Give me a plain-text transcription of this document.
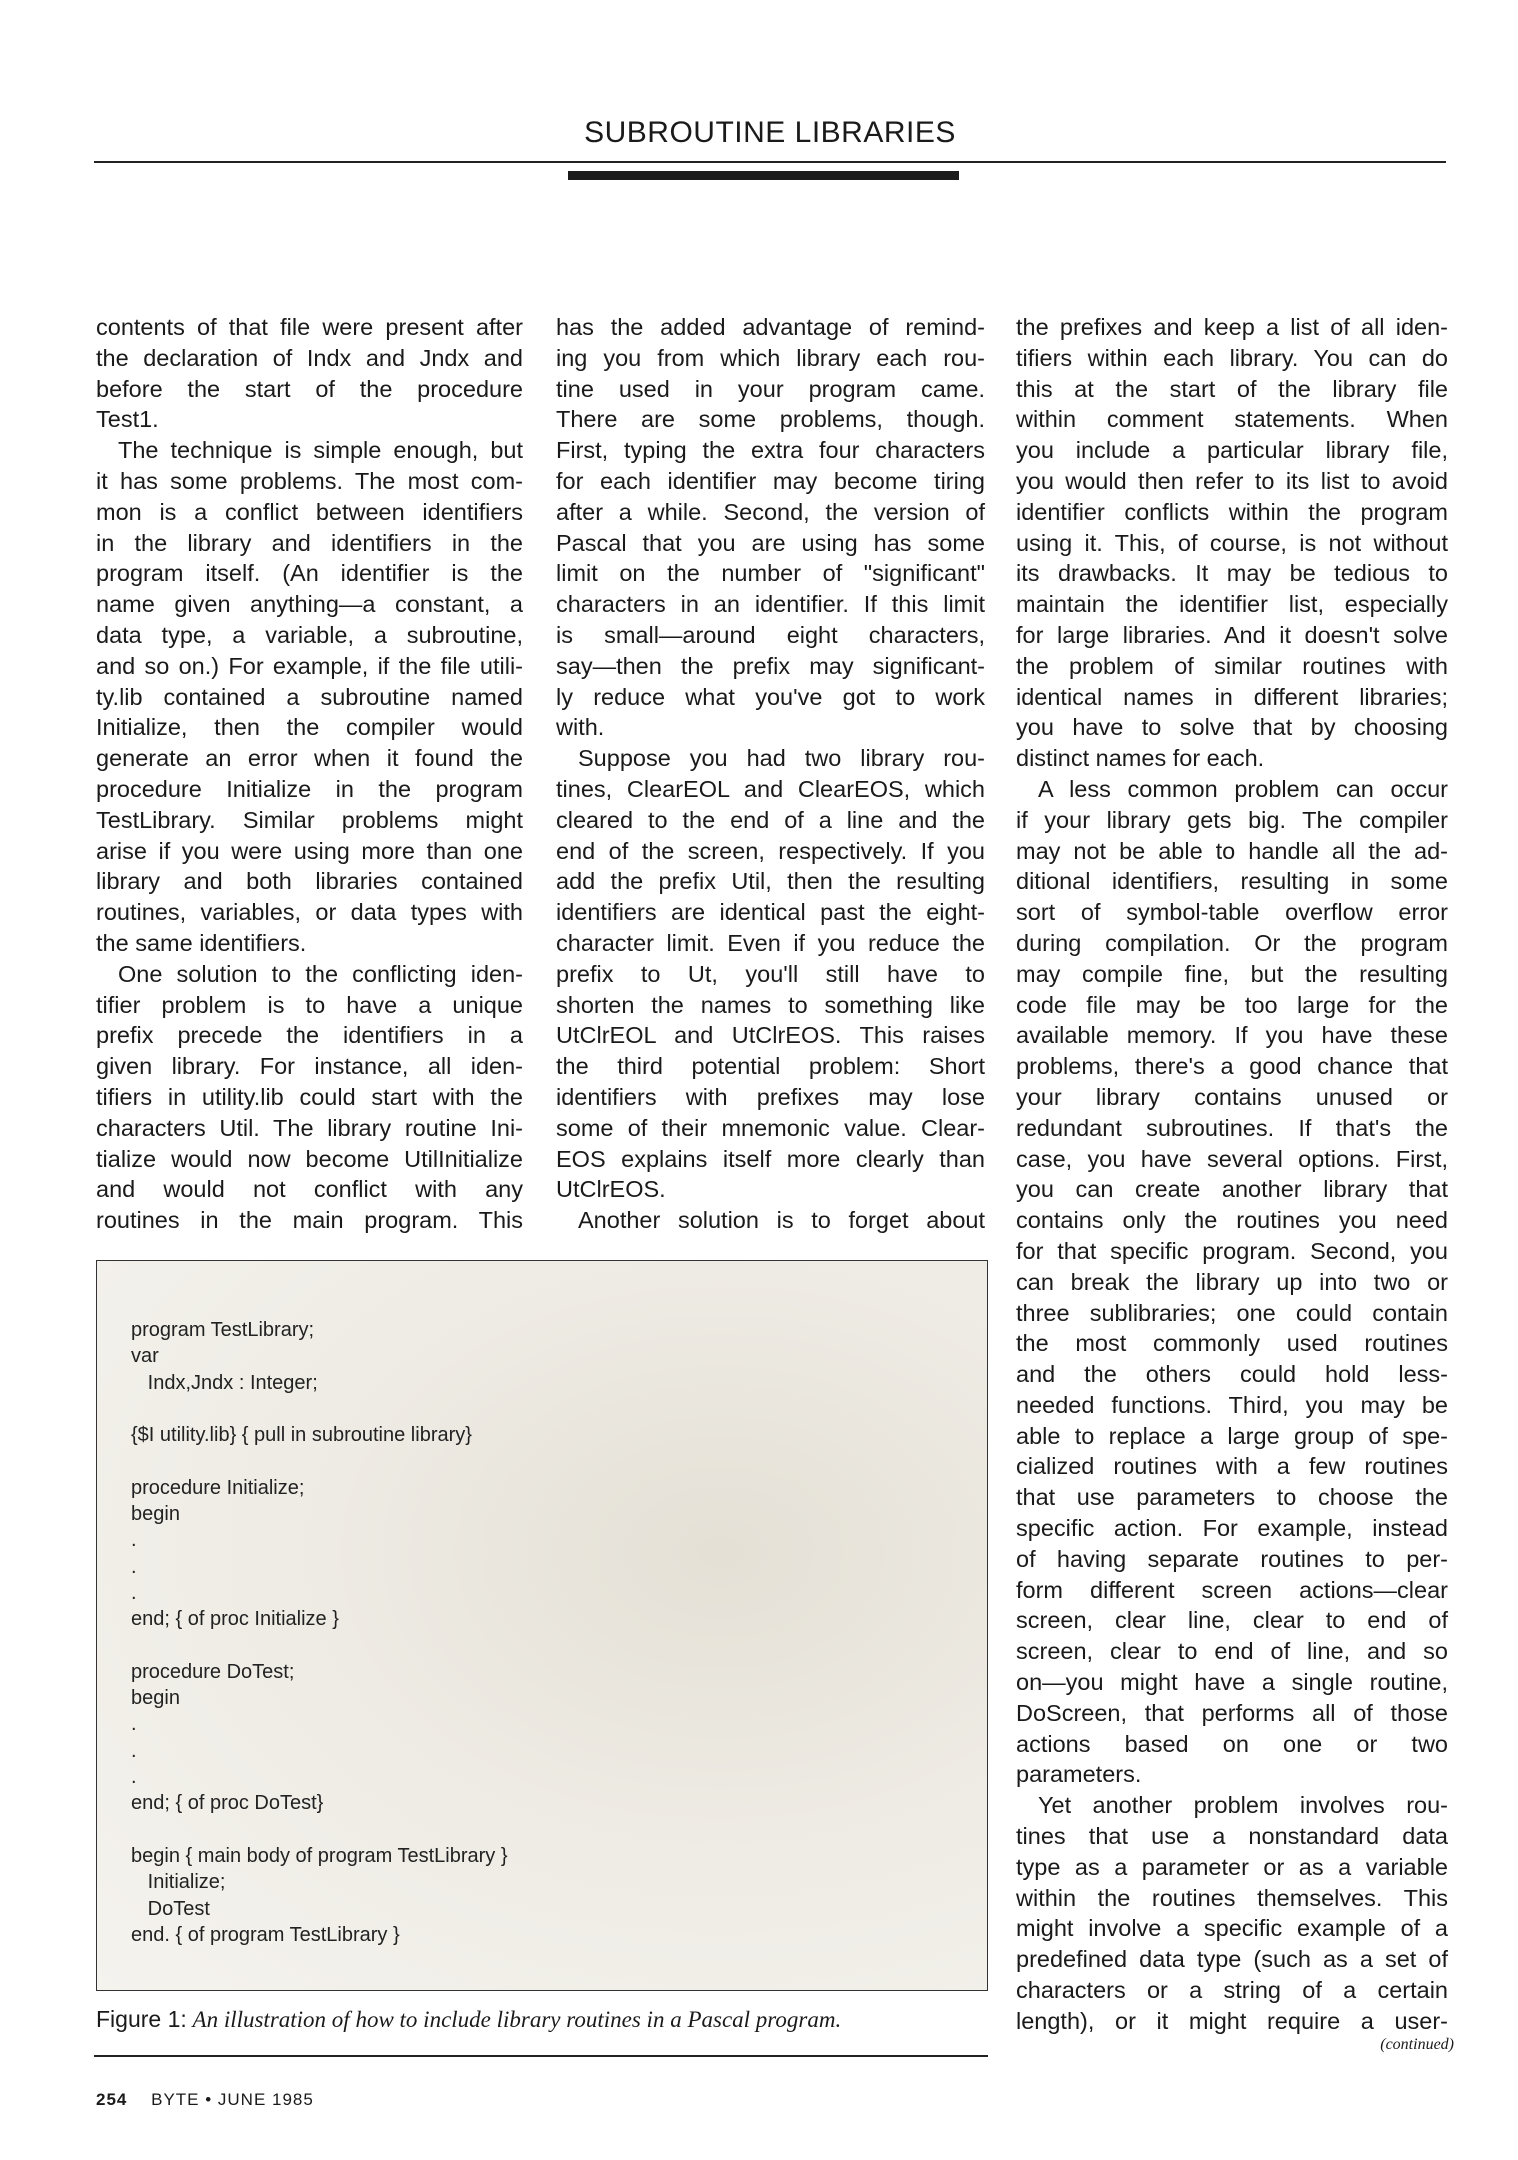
SUBROUTINE LIBRARIES
contents of that file were present after
the declaration of Indx and Jndx and
before the start of the procedure
Test1.
The technique is simple enough, but
it has some problems. The most com-
mon is a conflict between identifiers
in the library and identifiers in the
program itself. (An identifier is the
name given anything—a constant, a
data type, a variable, a subroutine,
and so on.) For example, if the file utili-
ty.lib contained a subroutine named
Initialize, then the compiler would
generate an error when it found the
procedure Initialize in the program
TestLibrary. Similar problems might
arise if you were using more than one
library and both libraries contained
routines, variables, or data types with
the same identifiers.
One solution to the conflicting iden-
tifier problem is to have a unique
prefix precede the identifiers in a
given library. For instance, all iden-
tifiers in utility.lib could start with the
characters Util. The library routine Ini-
tialize would now become UtilInitialize
and would not conflict with any
routines in the main program. This
has the added advantage of remind-
ing you from which library each rou-
tine used in your program came.
There are some problems, though.
First, typing the extra four characters
for each identifier may become tiring
after a while. Second, the version of
Pascal that you are using has some
limit on the number of "significant"
characters in an identifier. If this limit
is small—around eight characters,
say—then the prefix may significant-
ly reduce what you've got to work
with.
Suppose you had two library rou-
tines, ClearEOL and ClearEOS, which
cleared to the end of a line and the
end of the screen, respectively. If you
add the prefix Util, then the resulting
identifiers are identical past the eight-
character limit. Even if you reduce the
prefix to Ut, you'll still have to
shorten the names to something like
UtClrEOL and UtClrEOS. This raises
the third potential problem: Short
identifiers with prefixes may lose
some of their mnemonic value. Clear-
EOS explains itself more clearly than
UtClrEOS.
Another solution is to forget about
the prefixes and keep a list of all iden-
tifiers within each library. You can do
this at the start of the library file
within comment statements. When
you include a particular library file,
you would then refer to its list to avoid
identifier conflicts within the program
using it. This, of course, is not without
its drawbacks. It may be tedious to
maintain the identifier list, especially
for large libraries. And it doesn't solve
the problem of similar routines with
identical names in different libraries;
you have to solve that by choosing
distinct names for each.
A less common problem can occur
if your library gets big. The compiler
may not be able to handle all the ad-
ditional identifiers, resulting in some
sort of symbol-table overflow error
during compilation. Or the program
may compile fine, but the resulting
code file may be too large for the
available memory. If you have these
problems, there's a good chance that
your library contains unused or
redundant subroutines. If that's the
case, you have several options. First,
you can create another library that
contains only the routines you need
for that specific program. Second, you
can break the library up into two or
three sublibraries; one could contain
the most commonly used routines
and the others could hold less-
needed functions. Third, you may be
able to replace a large group of spe-
cialized routines with a few routines
that use parameters to choose the
specific action. For example, instead
of having separate routines to per-
form different screen actions—clear
screen, clear line, clear to end of
screen, clear to end of line, and so
on—you might have a single routine,
DoScreen, that performs all of those
actions based on one or two
parameters.
Yet another problem involves rou-
tines that use a nonstandard data
type as a parameter or as a variable
within the routines themselves. This
might involve a specific example of a
predefined data type (such as a set of
characters or a string of a certain
length), or it might require a user-
program TestLibrary;
var
Indx,Jndx : Integer;
{$I utility.lib} { pull in subroutine library}
procedure Initialize;
begin
.
.
.
end; { of proc Initialize }
procedure DoTest;
begin
.
.
.
end; { of proc DoTest}
begin { main body of program TestLibrary }
Initialize;
DoTest
end. { of program TestLibrary }
Figure 1: An illustration of how to include library routines in a Pascal program.
(continued)
254 BYTE • JUNE 1985
